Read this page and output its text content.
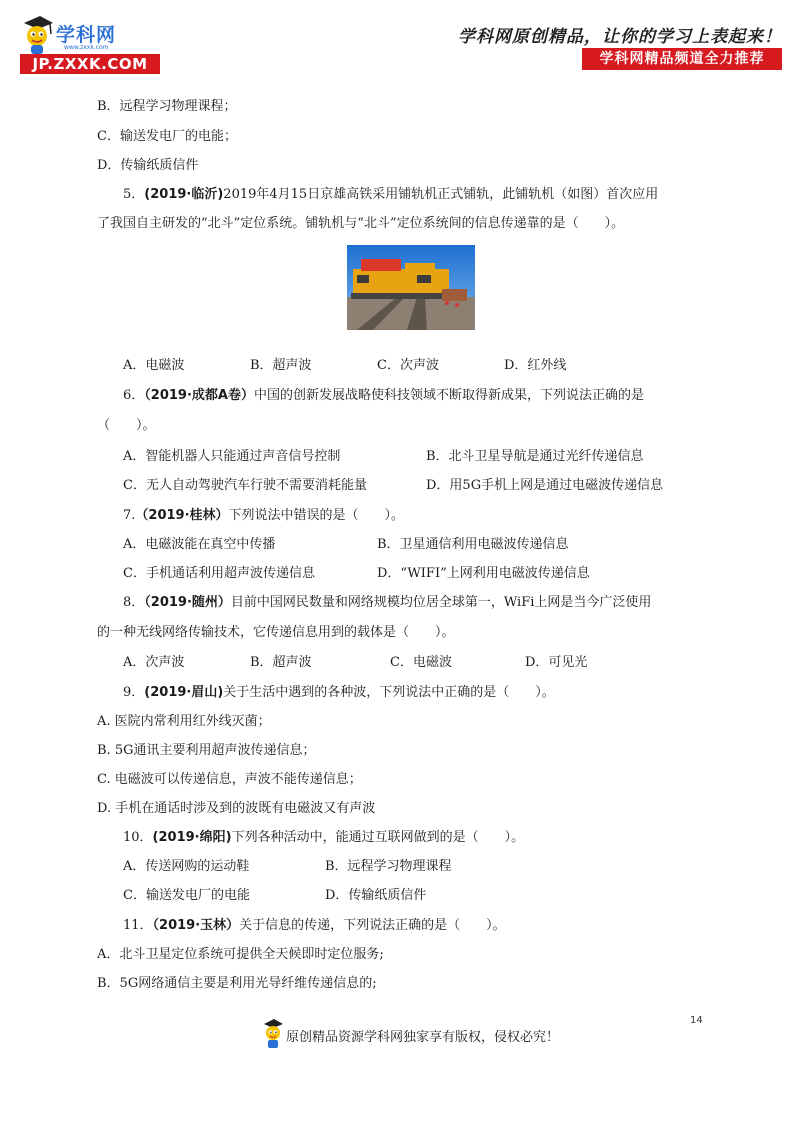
学科网
www.zxxk.com
JP.ZXXK.COM
学科网原创精品，让你的学习上表起来！
学科网精品频道全力推荐
B．远程学习物理课程；
C．输送发电厂的电能；
D．传输纸质信件
5．(2019·临沂)2019年4月15日京雄高铁采用铺轨机正式铺轨，此铺轨机（如图）首次应用
了我国自主研发的“北斗”定位系统。铺轨机与“北斗”定位系统间的信息传递靠的是（　　）。
A．电磁波	B．超声波	C．次声波	D．红外线
6．（2019·成都A卷）中国的创新发展战略使科技领域不断取得新成果，下列说法正确的是
（　　）。
A．智能机器人只能通过声音信号控制	B．北斗卫星导航是通过光纤传递信息
C．无人自动驾驶汽车行驶不需要消耗能量	D．用5G手机上网是通过电磁波传递信息
7.（2019·桂林）下列说法中错误的是（　　）。
A．电磁波能在真空中传播	B．卫星通信利用电磁波传递信息
C．手机通话利用超声波传递信息	D．“WIFI”上网利用电磁波传递信息
8．（2019·随州）目前中国网民数量和网络规模均位居全球第一，WiFi上网是当今广泛使用
的一种无线网络传输技术，它传递信息用到的载体是（　　）。
A．次声波	B．超声波	C．电磁波	D．可见光
9．(2019·眉山)关于生活中遇到的各种波，下列说法中正确的是（　　）。
A. 医院内常利用红外线灭菌；
B. 5G通讯主要利用超声波传递信息；
C. 电磁波可以传递信息，声波不能传递信息；
D. 手机在通话时涉及到的波既有电磁波又有声波
10．(2019·绵阳)下列各种活动中，能通过互联网做到的是（　　）。
A．传送网购的运动鞋	B．远程学习物理课程
C．输送发电厂的电能	D．传输纸质信件
11．（2019·玉林）关于信息的传递，下列说法正确的是（　　）。
A．北斗卫星定位系统可提供全天候即时定位服务;
B．5G网络通信主要是利用光导纤维传递信息的;
14
原创精品资源学科网独家享有版权，侵权必究！
